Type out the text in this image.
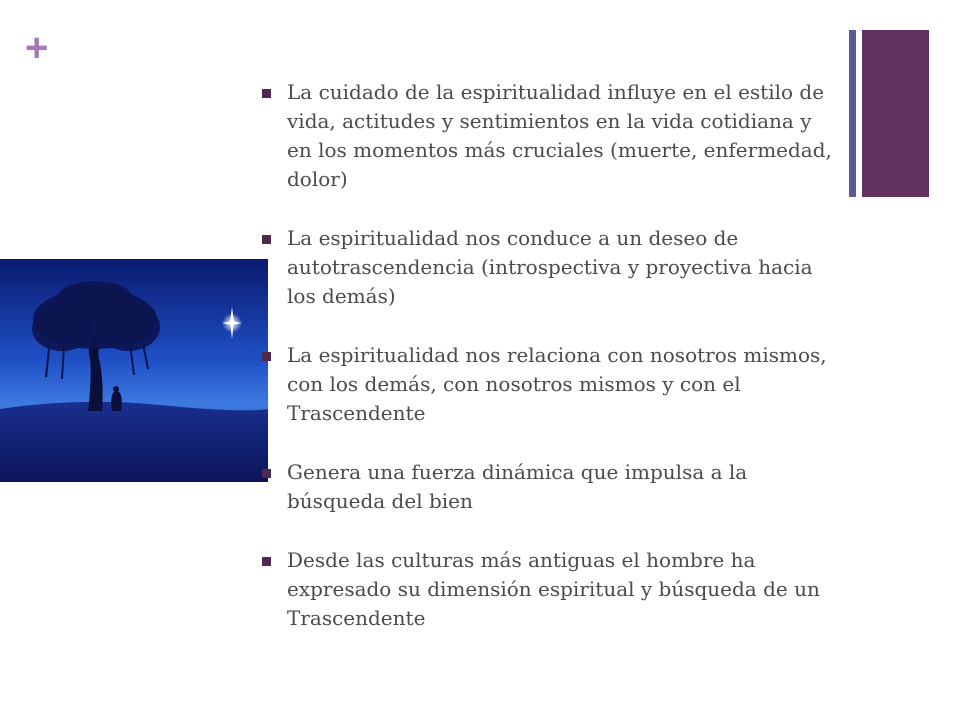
+
La cuidado de la espiritualidad influye en el estilo de vida, actitudes y sentimientos en la vida cotidiana y en los momentos más cruciales (muerte, enfermedad, dolor)
La espiritualidad nos conduce a un deseo de autotrascendencia (introspectiva y proyectiva hacia los demás)
La espiritualidad nos relaciona con nosotros mismos, con los demás, con nosotros mismos y con el Trascendente
Genera una fuerza dinámica que impulsa a la búsqueda del bien
Desde las culturas más antiguas el hombre ha expresado su dimensión espiritual y búsqueda de un Trascendente
